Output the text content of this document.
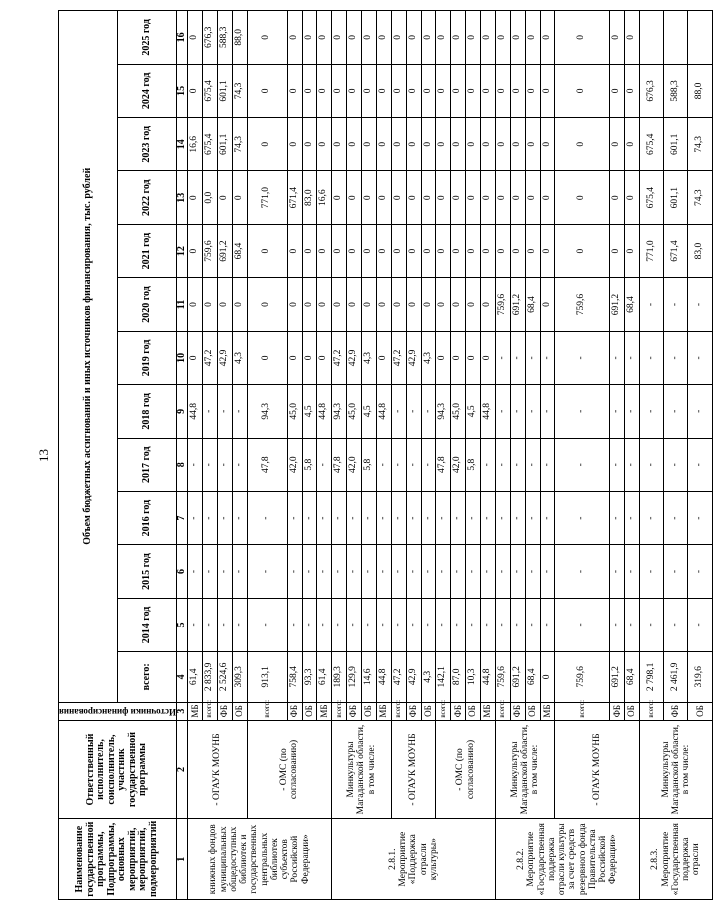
13
Наименование государственной программы, Подпрограммы, основных мероприятий, мероприятий, подмероприятий	Ответственный исполнитель, соисполнитель, участник государственной программы	Источники финансирования	Объем бюджетных ассигнований и иных источников финансирования, тыс. рублей												
			всего:	2014 год	2015 год	2016 год	2017 год	2018 год	2019 год	2020 год	2021 год	2022 год	2023 год	2024 год	2025 год
1	2	3	4	5	6	7	8	9	10	11	12	13	14	15	16
книжных фондов муниципальных общедоступных библиотек и государственных центральных библиотек субъектов Российской Федерации»	- ОГАУК МОУНБ	МБ	61,4	-	-	-	-	44,8	0	0	0	0	16,6	0	0
		всего:	2 833,9	-	-	-	-	-	47,2	0	759,6	0,0	675,4	675,4	676,3
		ФБ	2 524,6	-	-	-	-	-	42,9	0	691,2	0	601,1	601,1	588,3
		ОБ	309,3	-	-	-	-	-	4,3	0	68,4	0	74,3	74,3	88,0
	- ОМС (по согласованию)	всего:	913,1	-	-	-	47,8	94,3	0	0	0	771,0	0	0	0
		ФБ	758,4	-	-	-	42,0	45,0	0	0	0	671,4	0	0	0
		ОБ	93,3	-	-	-	5,8	4,5	0	0	0	83,0	0	0	0
		МБ	61,4	-	-	-	-	44,8	0	0	0	16,6	0	0	0
2.8.1. Мероприятие «Поддержка отрасли культуры»	Минкультуры Магаданской области, в том числе:	всего:	189,3	-	-	-	47,8	94,3	47,2	0	0	0	0	0	0
		ФБ	129,9	-	-	-	42,0	45,0	42,9	0	0	0	0	0	0
		ОБ	14,6	-	-	-	5,8	4,5	4,3	0	0	0	0	0	0
		МБ	44,8	-	-	-	-	44,8	0	0	0	0	0	0	0
	- ОГАУК МОУНБ	всего:	47,2	-	-	-	-	-	47,2	0	0	0	0	0	0
		ФБ	42,9	-	-	-	-	-	42,9	0	0	0	0	0	0
		ОБ	4,3	-	-	-	-	-	4,3	0	0	0	0	0	0
	- ОМС (по согласованию)	всего:	142,1	-	-	-	47,8	94,3	0	0	0	0	0	0	0
		ФБ	87,0	-	-	-	42,0	45,0	0	0	0	0	0	0	0
		ОБ	10,3	-	-	-	5,8	4,5	0	0	0	0	0	0	0
		МБ	44,8	-	-	-	-	44,8	0	0	0	0	0	0	0
2.8.2. Мероприятие «Государственная поддержка отрасли культуры за счет средств резервного фонда Правительства Российской Федерации»	Минкультуры Магаданской области, в том числе:	всего:	759,6	-	-	-	-	-	-	759,6	0	0	0	0	0
		ФБ	691,2	-	-	-	-	-	-	691,2	0	0	0	0	0
		ОБ	68,4	-	-	-	-	-	-	68,4	0	0	0	0	0
		МБ	0	-	-	-	-	-	-	0	0	0	0	0	0
	- ОГАУК МОУНБ	всего:	759,6	-	-	-	-	-	-	759,6	0	0	0	0	0
		ФБ	691,2	-	-	-	-	-	-	691,2	0	0	0	0	0
		ОБ	68,4	-	-	-	-	-	-	68,4	0	0	0	0	0
2.8.3. Мероприятие «Государственная поддержка отрасли	Минкультуры Магаданской области, в том числе:	всего:	2 798,1	-	-	-	-	-	-	-	771,0	675,4	675,4	676,3	
		ФБ	2 461,9	-	-	-	-	-	-	-	671,4	601,1	601,1	588,3	
		ОБ	319,6	-	-	-	-	-	-	-	83,0	74,3	74,3	88,0	
